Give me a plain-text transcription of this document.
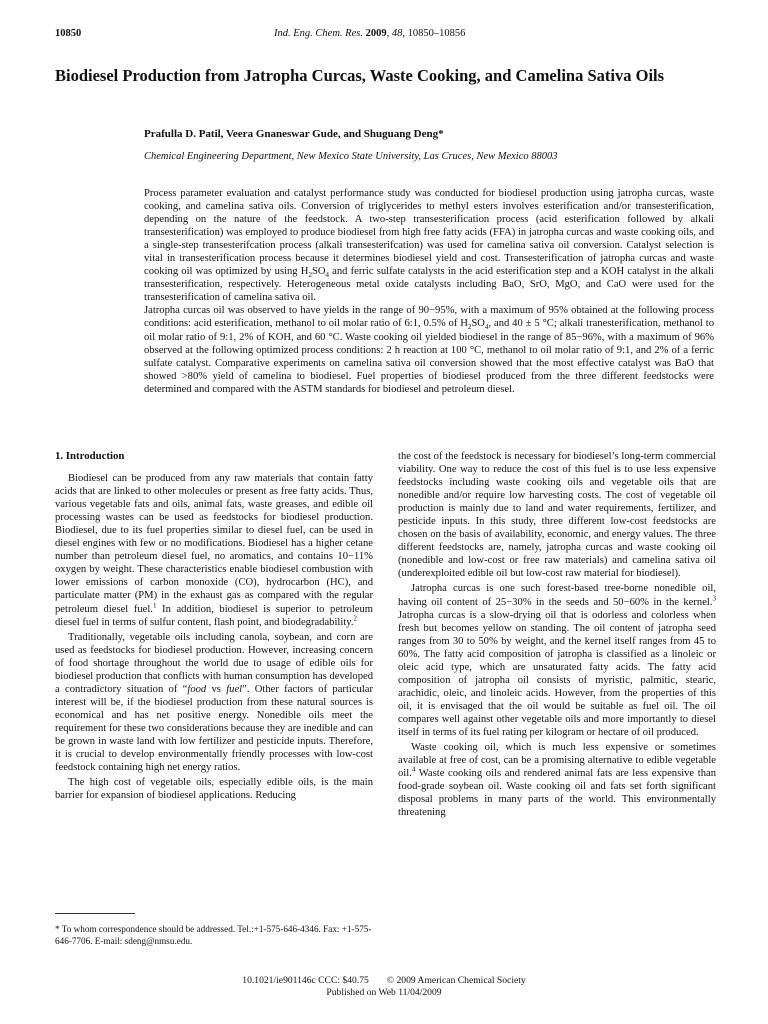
10850	Ind. Eng. Chem. Res. 2009, 48, 10850–10856
Biodiesel Production from Jatropha Curcas, Waste Cooking, and Camelina Sativa Oils
Prafulla D. Patil, Veera Gnaneswar Gude, and Shuguang Deng*
Chemical Engineering Department, New Mexico State University, Las Cruces, New Mexico 88003

Process parameter evaluation and catalyst performance study was conducted for biodiesel production using jatropha curcas, waste cooking, and camelina sativa oils. Conversion of triglycerides to methyl esters involves esterification and/or transesterification, depending on the nature of the feedstock. A two-step transesterification process (acid esterification followed by alkali transesterification) was employed to produce biodiesel from high free fatty acids (FFA) in jatropha curcas and waste cooking oils, and a single-step transesterifcation process (alkali transesterifcation) was used for camelina sativa oil conversion. Catalyst selection is vital in transesterification process because it determines biodiesel yield and cost. Transesterification of jatropha curcas and waste cooking oil was optimized by using $H_2SO_4$ and ferric sulfate catalysts in the acid esterification step and a KOH catalyst in the alkali transesterification, respectively. Heterogeneous metal oxide catalysts including BaO, SrO, MgO, and CaO were used for the transesterification of camelina sativa oil.

Jatropha curcas oil was observed to have yields in the range of 90−95%, with a maximum of 95% obtained at the following process conditions: acid esterification, methanol to oil molar ratio of 6:1, 0.5% of $H_2SO_4$, and 40 ± 5 °C; alkali tranesterification, methanol to oil molar ratio of 9:1, 2% of KOH, and 60 °C. Waste cooking oil yielded biodiesel in the range of 85−96%, with a maximum of 96% observed at the following optimized process conditions: 2 h reaction at 100 °C, methanol to oil molar ratio of 9:1, and 2% of a ferric sulfate catalyst. Comparative experiments on camelina sativa oil conversion showed that the most effective catalyst was BaO that showed >80% yield of camelina to biodiesel. Fuel properties of biodiesel produced from the three different feedstocks were determined and compared with the ASTM standards for biodiesel and petroleum diesel.

1. Introduction

Biodiesel can be produced from any raw materials that contain fatty acids that are linked to other molecules or present as free fatty acids. Thus, various vegetable fats and oils, animal fats, waste greases, and edible oil processing wastes can be used as feedstocks for biodiesel production. Biodiesel, due to its fuel properties similar to diesel fuel, can be used in diesel engines with few or no modifications. Biodiesel has a higher cetane number than petroleum diesel fuel, no aromatics, and contains 10−11% oxygen by weight. These characteristics enable biodiesel combustion with lower emissions of carbon monoxide (CO), hydrocarbon (HC), and particulate matter (PM) in the exhaust gas as compared with the regular petroleum diesel fuel.$^1$ In addition, biodiesel is superior to petroleum diesel fuel in terms of sulfur content, flash point, and biodegradability.$^2$

Traditionally, vegetable oils including canola, soybean, and corn are used as feedstocks for biodiesel production. However, increasing concern of food shortage throughout the world due to usage of edible oils for biodiesel production that conflicts with human consumption has developed a contradictory situation of “food vs fuel”. Other factors of particular interest will be, if the biodiesel production from these natural sources is economical and has net positive energy. Nonedible oils meet the requirement for these two considerations because they are inedible and can be grown in waste land with low fertilizer and pesticide inputs. Therefore, it is crucial to develop environmentally friendly processes with low-cost feedstock containing high net energy ratios.

The high cost of vegetable oils, especially edible oils, is the main barrier for expansion of biodiesel applications. Reducing

* To whom correspondence should be addressed. Tel.:+1-575-646-4346. Fax: +1-575-646-7706. E-mail: sdeng@nmsu.edu.

the cost of the feedstock is necessary for biodiesel’s long-term commercial viability. One way to reduce the cost of this fuel is to use less expensive feedstocks including waste cooking oils and vegetable oils that are nonedible and/or require low harvesting costs. The cost of vegetable oil production is mainly due to land and water requirements, fertilizer, and pesticide inputs. In this study, three different low-cost feedstocks are chosen on the basis of availability, economic, and energy values. The three different feedstocks are, namely, jatropha curcas and waste cooking oil (nonedible and low-cost or free raw materials) and camelina sativa oil (underexploited edible oil but low-cost raw material for biodiesel).

Jatropha curcas is one such forest-based tree-borne nonedible oil, having oil content of 25−30% in the seeds and 50−60% in the kernel.$^3$ Jatropha curcas is a slow-drying oil that is odorless and colorless when fresh but becomes yellow on standing. The oil content of jatropha seed ranges from 30 to 50% by weight, and the kernel itself ranges from 45 to 60%. The fatty acid composition of jatropha is classified as a linoleic or oleic acid type, which are unsaturated fatty acids. The fatty acid composition of jatropha oil consists of myristic, palmitic, stearic, arachidic, oleic, and linoleic acids. However, from the properties of this oil, it is envisaged that the oil would be suitable as fuel oil. The oil compares well against other vegetable oils and more importantly to diesel itself in terms of its fuel rating per kilogram or hectare of oil produced.

Waste cooking oil, which is much less expensive or sometimes available at free of cost, can be a promising alternative to edible vegetable oil.$^4$ Waste cooking oils and rendered animal fats are less expensive than food-grade soybean oil. Waste cooking oil and fats set forth significant disposal problems in many parts of the world. This environmentally threatening

10.1021/ie901146c CCC: $40.75 © 2009 American Chemical Society
Published on Web 11/04/2009
